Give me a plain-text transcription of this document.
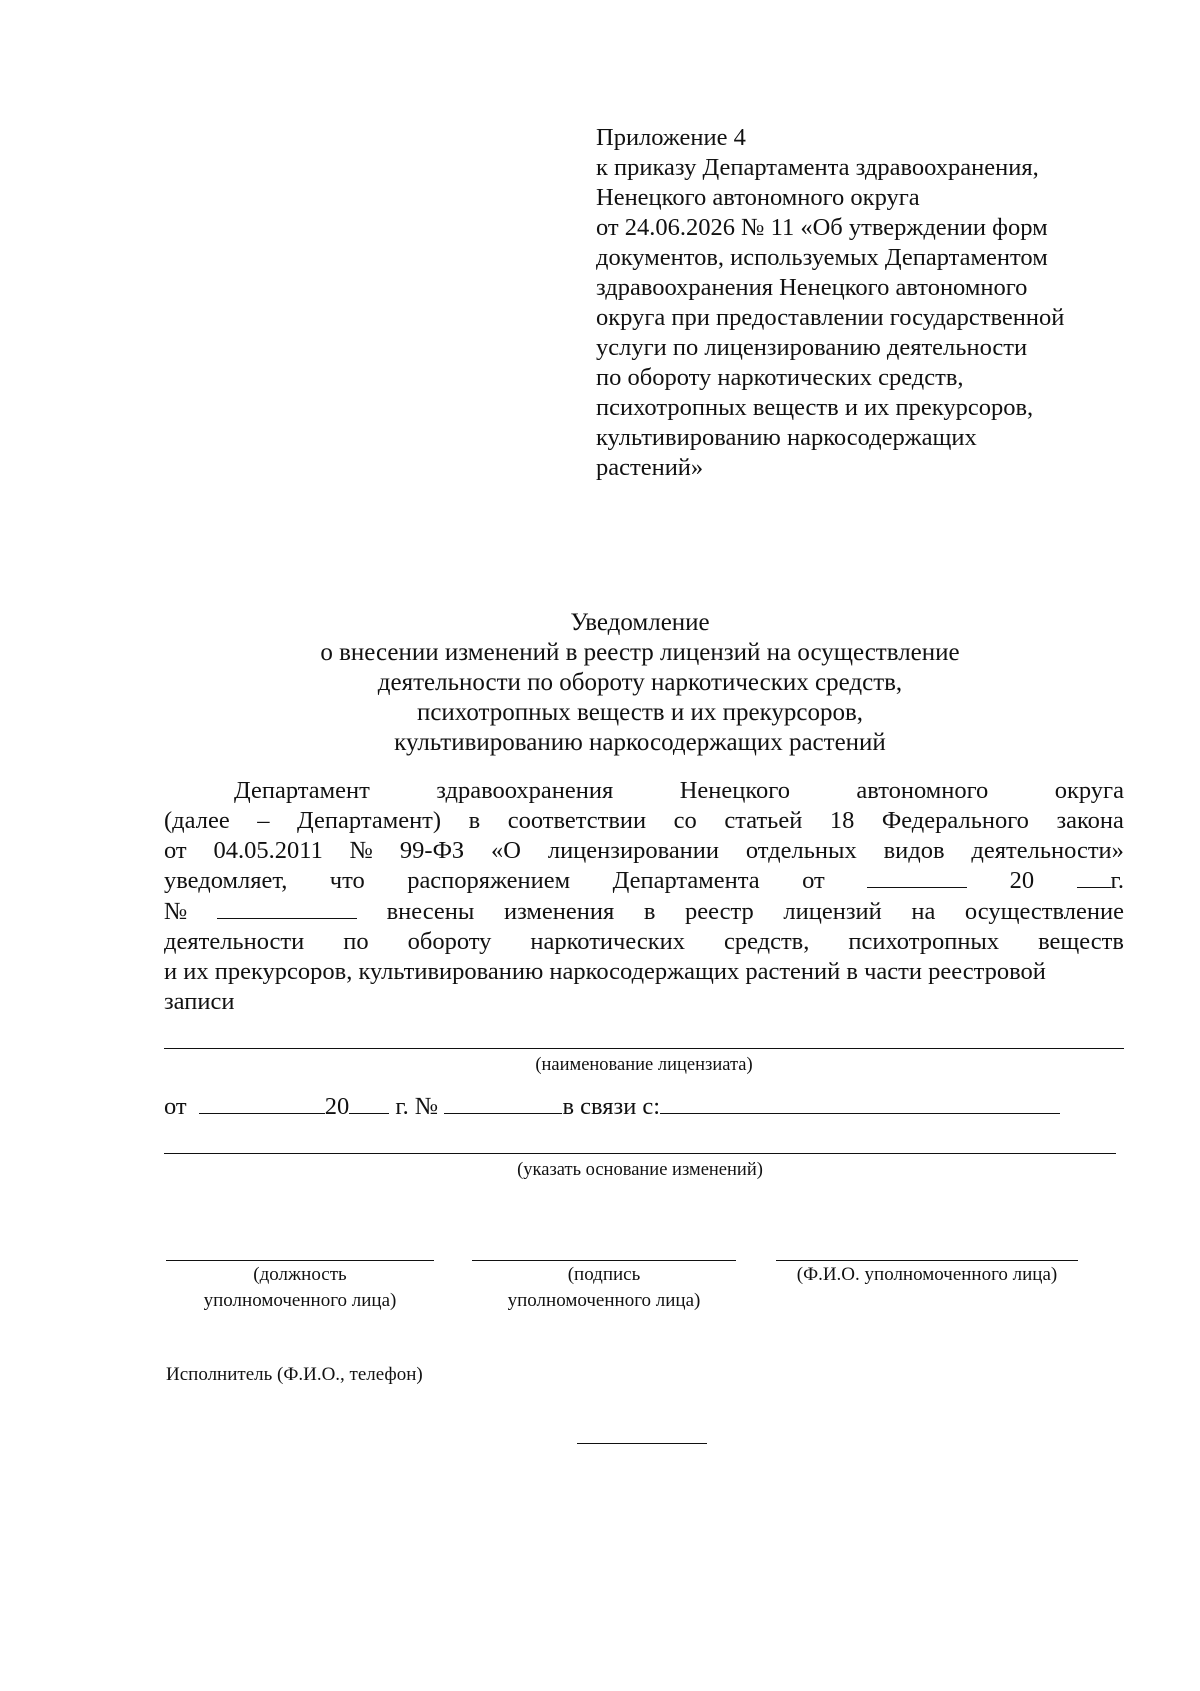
Приложение 4
к приказу Департамента здравоохранения,
Ненецкого автономного округа
от 24.06.2026 № 11 «Об утверждении форм
документов, используемых Департаментом
здравоохранения Ненецкого автономного
округа при предоставлении государственной
услуги по лицензированию деятельности
по обороту наркотических средств,
психотропных веществ и их прекурсоров,
культивированию наркосодержащих
растений»
Уведомление
о внесении изменений в реестр лицензий на осуществление
деятельности по обороту наркотических средств,
психотропных веществ и их прекурсоров,
культивированию наркосодержащих растений
Департамент	здравоохранения	Ненецкого	автономного	округа
(далее – Департамент) в соответствии со статьей 18 Федерального закона
от 04.05.2011 № 99-ФЗ «О лицензировании отдельных видов деятельности»
уведомляет, что распоряжением Департамента от	20	г.
№	внесены изменения в реестр лицензий на осуществление
деятельности по обороту наркотических средств, психотропных веществ
и их прекурсоров, культивированию наркосодержащих растений в части реестровой
записи
(наименование лицензиата)
от	20 г. №	в связи с:
(указать основание изменений)
(должность
уполномоченного лица)
(подпись
уполномоченного лица)
(Ф.И.О. уполномоченного лица)
Исполнитель (Ф.И.О., телефон)
